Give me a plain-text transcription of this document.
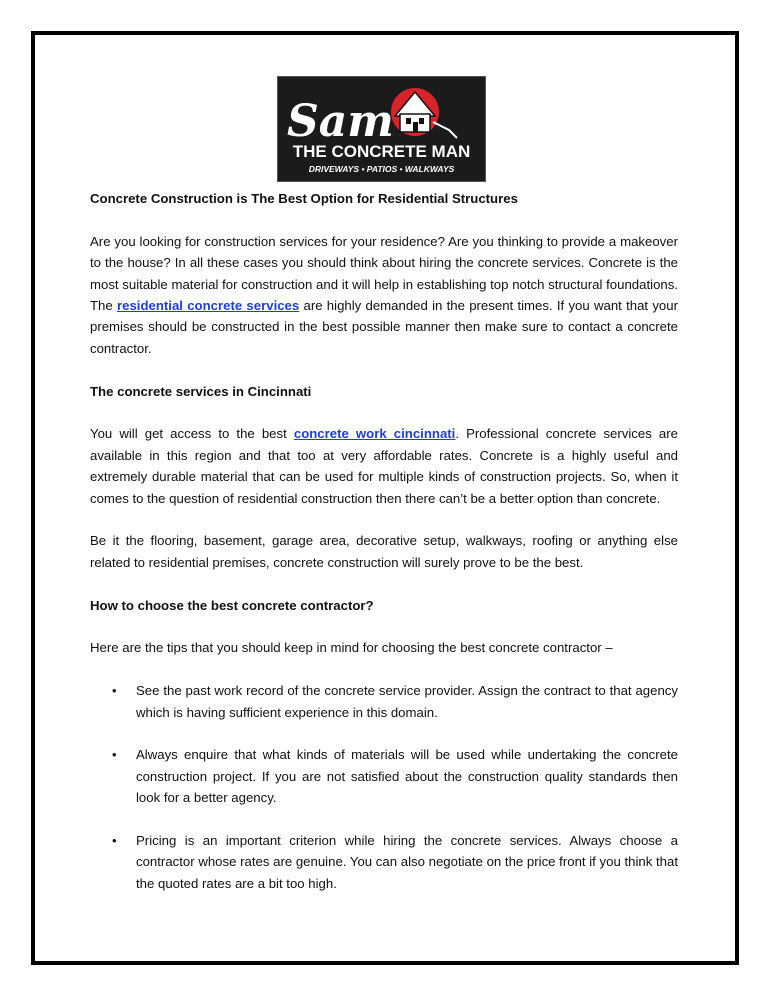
Sam
THE CONCRETE MAN
DRIVEWAYS • PATIOS • WALKWAYS

Concrete Construction is The Best Option for Residential Structures

Are you looking for construction services for your residence? Are you thinking to provide a makeover to the house? In all these cases you should think about hiring the concrete services. Concrete is the most suitable material for construction and it will help in establishing top notch structural foundations. The residential concrete services are highly demanded in the present times. If you want that your premises should be constructed in the best possible manner then make sure to contact a concrete contractor.

The concrete services in Cincinnati

You will get access to the best concrete work cincinnati. Professional concrete services are available in this region and that too at very affordable rates. Concrete is a highly useful and extremely durable material that can be used for multiple kinds of construction projects. So, when it comes to the question of residential construction then there can’t be a better option than concrete.

Be it the flooring, basement, garage area, decorative setup, walkways, roofing or anything else related to residential premises, concrete construction will surely prove to be the best.

How to choose the best concrete contractor?

Here are the tips that you should keep in mind for choosing the best concrete contractor –

• See the past work record of the concrete service provider. Assign the contract to that agency which is having sufficient experience in this domain.
• Always enquire that what kinds of materials will be used while undertaking the concrete construction project. If you are not satisfied about the construction quality standards then look for a better agency.
• Pricing is an important criterion while hiring the concrete services. Always choose a contractor whose rates are genuine. You can also negotiate on the price front if you think that the quoted rates are a bit too high.
